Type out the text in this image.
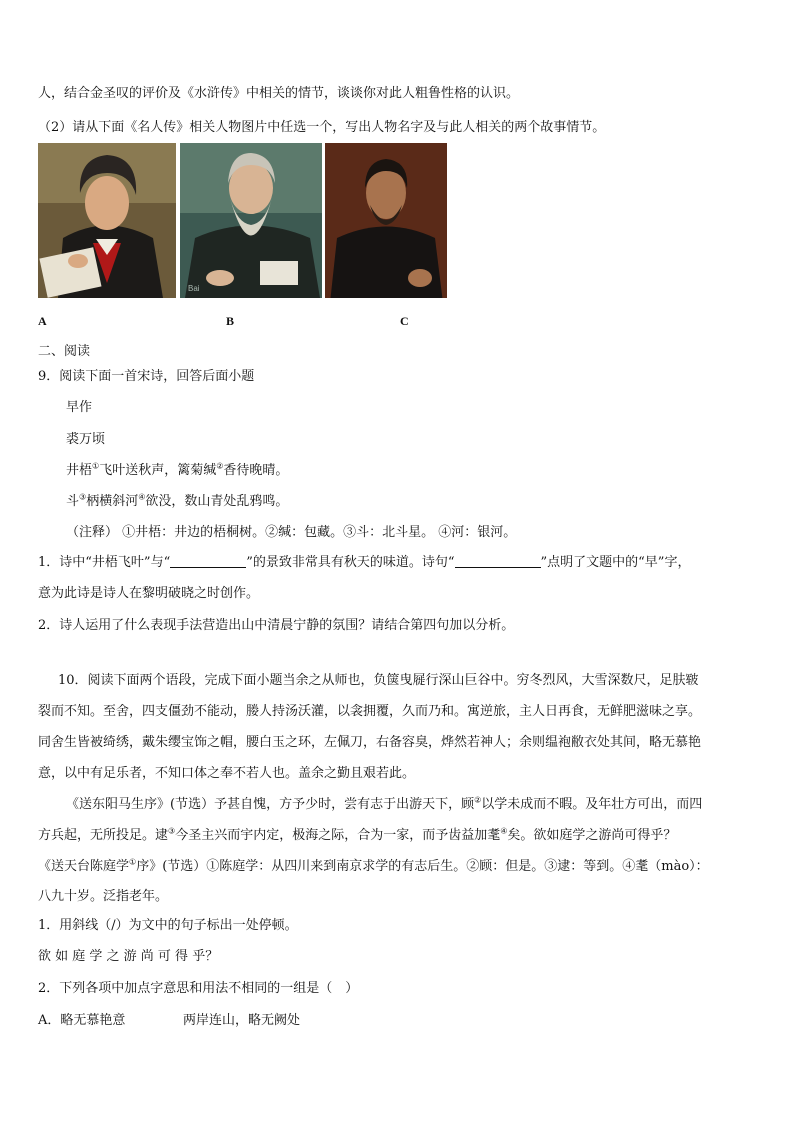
人，结合金圣叹的评价及《水浒传》中相关的情节，谈谈你对此人粗鲁性格的认识。
（2）请从下面《名人传》相关人物图片中任选一个，写出人物名字及与此人相关的两个故事情节。
Bai
A	B	C
二、阅读
9．阅读下面一首宋诗，回答后面小题
早作
裘万顷
井梧①飞叶送秋声，篱菊缄②香待晚晴。
斗③柄横斜河④欲没，数山青处乱鸦鸣。
（注释） ①井梧：井边的梧桐树。②缄：包藏。③斗：北斗星。 ④河：银河。
1．诗中“井梧飞叶”与“	”的景致非常具有秋天的味道。诗句“	”点明了文题中的“早”字，
意为此诗是诗人在黎明破晓之时创作。
2．诗人运用了什么表现手法营造出山中清晨宁静的氛围？请结合第四句加以分析。
10．阅读下面两个语段，完成下面小题当余之从师也，负箧曳屣行深山巨谷中。穷冬烈风，大雪深数尺，足肤皲
裂而不知。至舍，四支僵劲不能动，媵人持汤沃灌，以衾拥覆，久而乃和。寓逆旅，主人日再食，无鲜肥滋味之享。
同舍生皆被绮绣，戴朱缨宝饰之帽，腰白玉之环，左佩刀，右备容臭，烨然若神人；余则缊袍敝衣处其间，略无慕艳
意，以中有足乐者，不知口体之奉不若人也。盖余之勤且艰若此。
《送东阳马生序》(节选）予甚自愧，方予少时，尝有志于出游天下，顾②以学未成而不暇。及年壮方可出，而四
方兵起，无所投足。逮③今圣主兴而宇内定，极海之际，合为一家，而予齿益加耄④矣。欲如庭学之游尚可得乎？
《送天台陈庭学①序》(节选）①陈庭学：从四川来到南京求学的有志后生。②顾：但是。③逮：等到。④耄（mào）：
八九十岁。泛指老年。
1．用斜线（/）为文中的句子标出一处停顿。
欲 如 庭 学 之 游 尚 可 得 乎？
2．下列各项中加点字意思和用法不相同的一组是（　）
A．略无慕艳意	两岸连山，略无阙处
